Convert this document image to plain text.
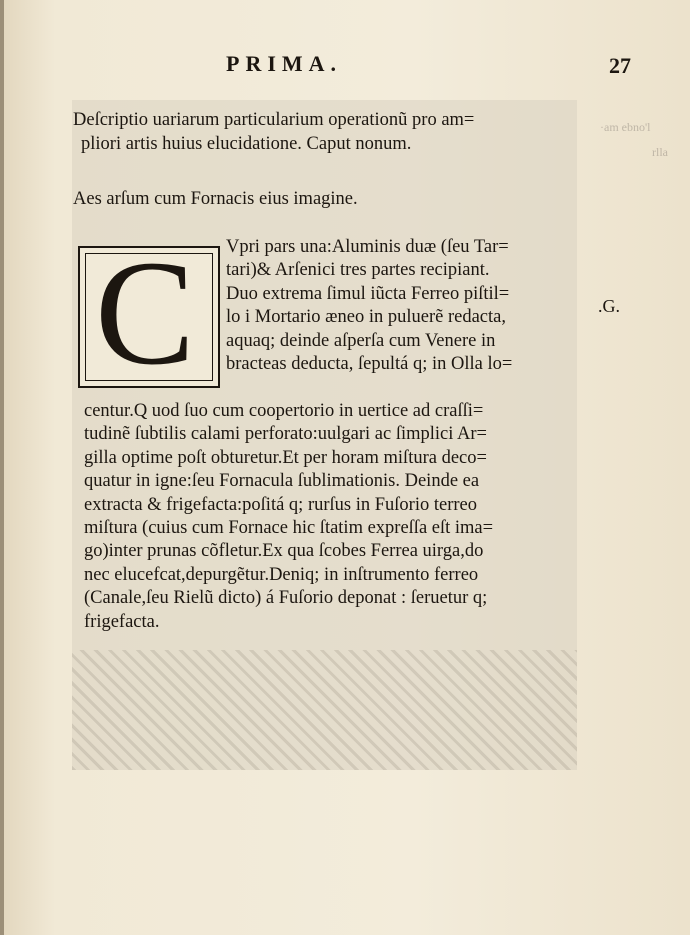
PRIMA.	27
·am ebno'l
rlla
Deſcriptio uariarum particularium operationũ pro am=
pliori artis huius elucidatione. Caput nonum.
Aes arſum cum Fornacis eius imagine.
C	Vpri pars una:Aluminis duæ (ſeu Tar=
tari)& Arſenici tres partes recipiant.
Duo extrema ſimul iũcta Ferreo piſtil=
lo i Mortario æneo in puluerẽ redacta,
aquaq; deinde aſperſa cum Venere in
bracteas deducta, ſepultá q; in Olla lo=
centur.Q uod ſuo cum coopertorio in uertice ad craſſi=
tudinẽ ſubtilis calami perforato:uulgari ac ſimplici Ar=
gilla optime poſt obturetur.Et per horam miſtura deco=
quatur in igne:ſeu Fornacula ſublimationis. Deinde ea
extracta & frigefacta:poſitá q; rurſus in Fuſorio terreo
miſtura (cuius cum Fornace hic ſtatim expreſſa eſt ima=
go)inter prunas cõfletur.Ex qua ſcobes Ferrea uirga,do
nec elucefcat,depurgẽtur.Deniq; in inſtrumento ferreo
(Canale,ſeu Rielũ dicto) á Fuſorio deponat : ſeruetur q;
frigefacta.
.G.
